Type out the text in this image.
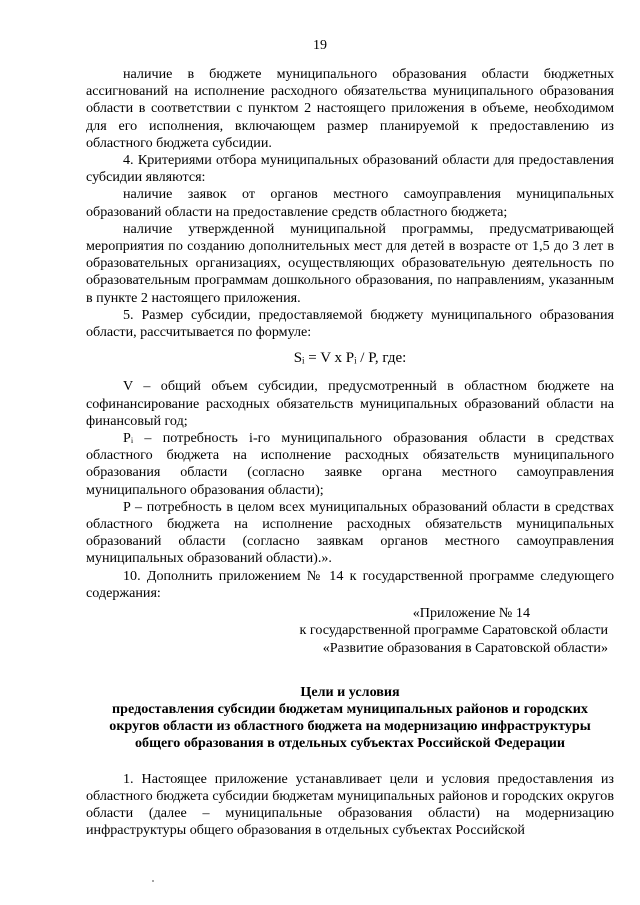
19

наличие в бюджете муниципального образования области бюджетных ассигнований на исполнение расходного обязательства муниципального образования области в соответствии с пунктом 2 настоящего приложения в объеме, необходимом для его исполнения, включающем размер планируемой к предоставлению из областного бюджета субсидии.

4. Критериями отбора муниципальных образований области для предоставления субсидии являются:

наличие заявок от органов местного самоуправления муниципальных образований области на предоставление средств областного бюджета;

наличие утвержденной муниципальной программы, предусматривающей мероприятия по созданию дополнительных мест для детей в возрасте от 1,5 до 3 лет в образовательных организациях, осуществляющих образовательную деятельность по образовательным программам дошкольного образования, по направлениям, указанным в пункте 2 настоящего приложения.

5. Размер субсидии, предоставляемой бюджету муниципального образования области, рассчитывается по формуле:

Sᵢ = V x Pᵢ / P, где:

V – общий объем субсидии, предусмотренный в областном бюджете на софинансирование расходных обязательств муниципальных образований области на финансовый год;

Pᵢ – потребность i-го муниципального образования области в средствах областного бюджета на исполнение расходных обязательств муниципального образования области (согласно заявке органа местного самоуправления муниципального образования области);

P – потребность в целом всех муниципальных образований области в средствах областного бюджета на исполнение расходных обязательств муниципальных образований области (согласно заявкам органов местного самоуправления муниципальных образований области).».

10. Дополнить приложением № 14 к государственной программе следующего содержания:

«Приложение № 14
к государственной программе Саратовской области
«Развитие образования в Саратовской области»

Цели и условия

предоставления субсидии бюджетам муниципальных районов и городских округов области из областного бюджета на модернизацию инфраструктуры общего образования в отдельных субъектах Российской Федерации

1. Настоящее приложение устанавливает цели и условия предоставления из областного бюджета субсидии бюджетам муниципальных районов и городских округов области (далее – муниципальные образования области) на модернизацию инфраструктуры общего образования в отдельных субъектах Российской
